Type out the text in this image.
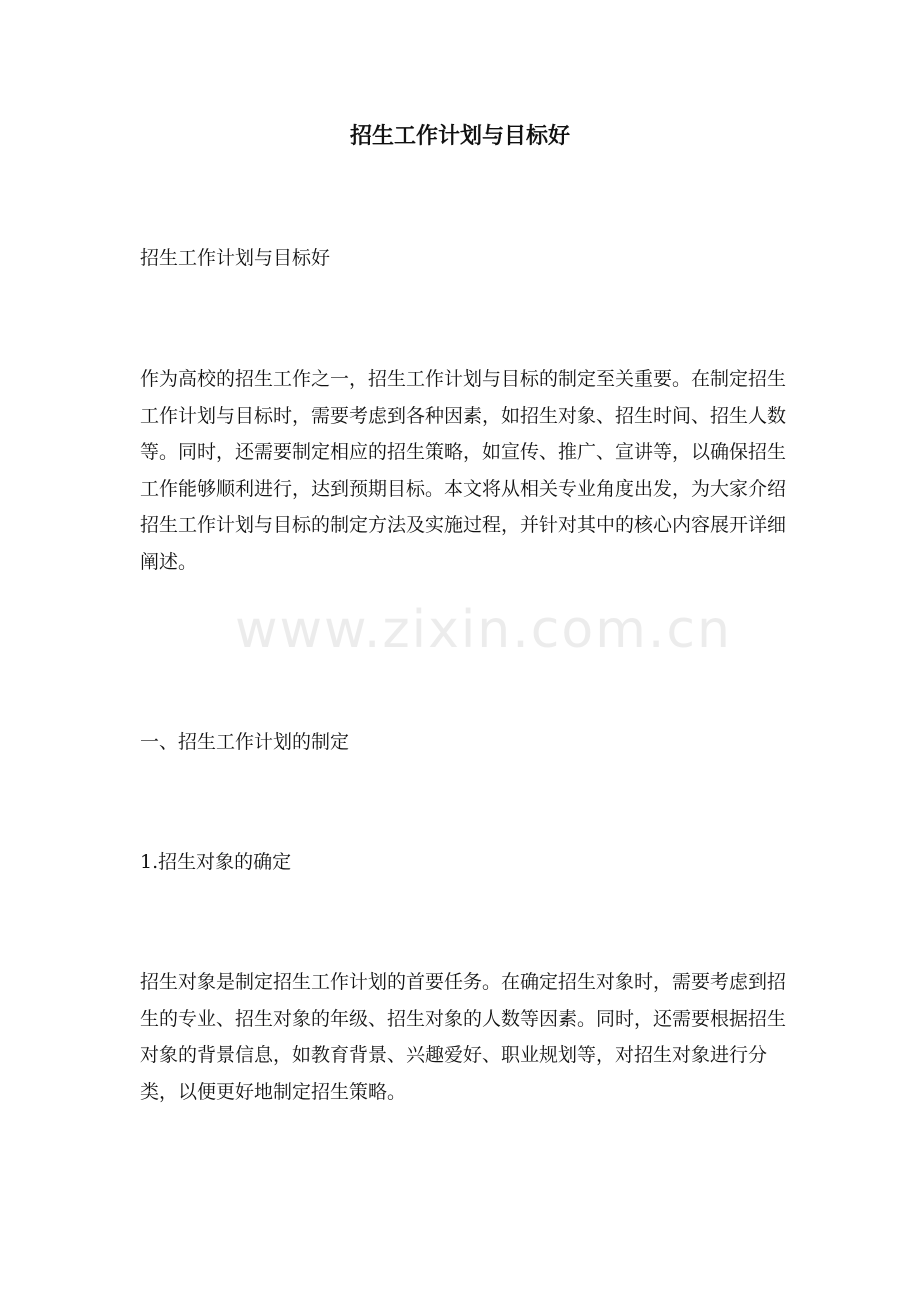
招生工作计划与目标好

招生工作计划与目标好

作为高校的招生工作之一，招生工作计划与目标的制定至关重要。在制定招生工作计划与目标时，需要考虑到各种因素，如招生对象、招生时间、招生人数等。同时，还需要制定相应的招生策略，如宣传、推广、宣讲等，以确保招生工作能够顺利进行，达到预期目标。本文将从相关专业角度出发，为大家介绍招生工作计划与目标的制定方法及实施过程，并针对其中的核心内容展开详细阐述。

一、招生工作计划的制定

1.招生对象的确定

招生对象是制定招生工作计划的首要任务。在确定招生对象时，需要考虑到招生的专业、招生对象的年级、招生对象的人数等因素。同时，还需要根据招生对象的背景信息，如教育背景、兴趣爱好、职业规划等，对招生对象进行分类，以便更好地制定招生策略。

www.zixin.com.cn
